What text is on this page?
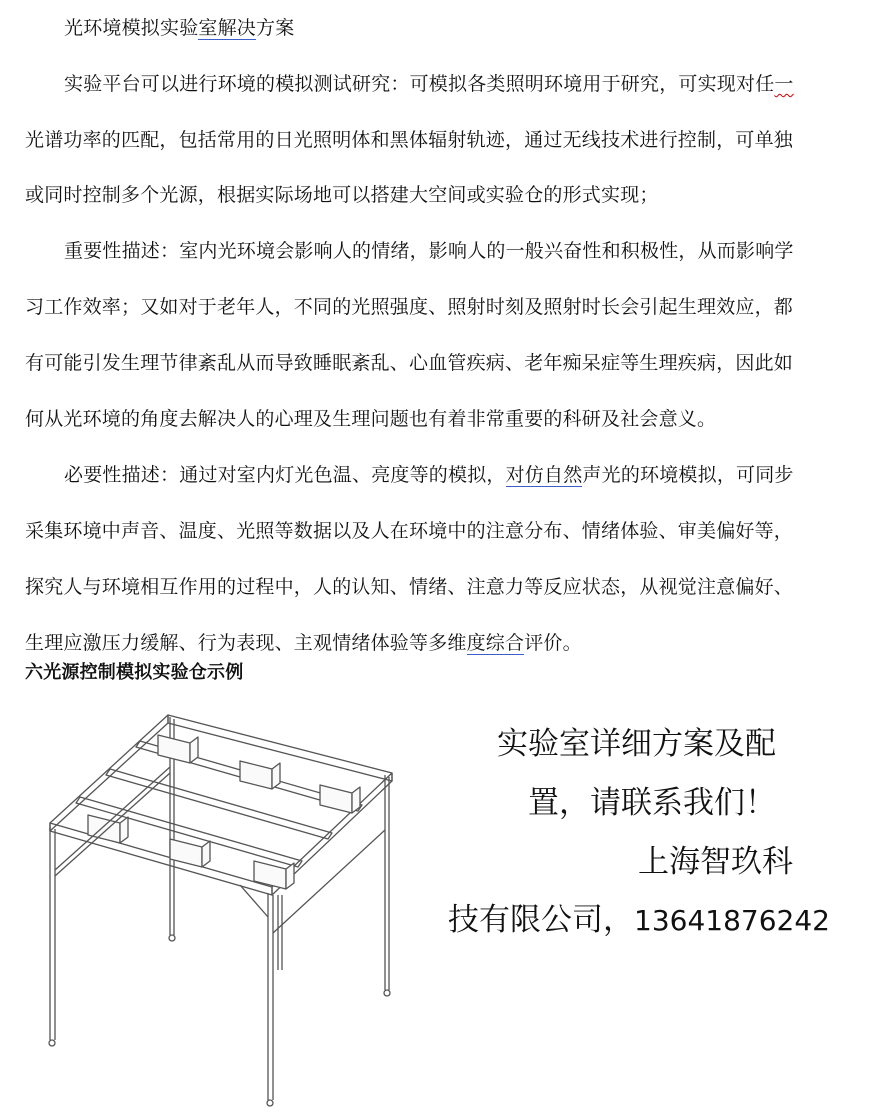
光环境模拟实验室解决方案
实验平台可以进行环境的模拟测试研究：可模拟各类照明环境用于研究，可实现对任一
光谱功率的匹配，包括常用的日光照明体和黑体辐射轨迹，通过无线技术进行控制，可单独
或同时控制多个光源，根据实际场地可以搭建大空间或实验仓的形式实现；
重要性描述：室内光环境会影响人的情绪，影响人的一般兴奋性和积极性，从而影响学
习工作效率；又如对于老年人，不同的光照强度、照射时刻及照射时长会引起生理效应，都
有可能引发生理节律紊乱从而导致睡眠紊乱、心血管疾病、老年痴呆症等生理疾病，因此如
何从光环境的角度去解决人的心理及生理问题也有着非常重要的科研及社会意义。
必要性描述：通过对室内灯光色温、亮度等的模拟，对仿自然声光的环境模拟，可同步
采集环境中声音、温度、光照等数据以及人在环境中的注意分布、情绪体验、审美偏好等，
探究人与环境相互作用的过程中，人的认知、情绪、注意力等反应状态，从视觉注意偏好、
生理应激压力缓解、行为表现、主观情绪体验等多维度综合评价。
六光源控制模拟实验仓示例
实验室详细方案及配
置，请联系我们！
上海智玖科
技有限公司，13641876242
